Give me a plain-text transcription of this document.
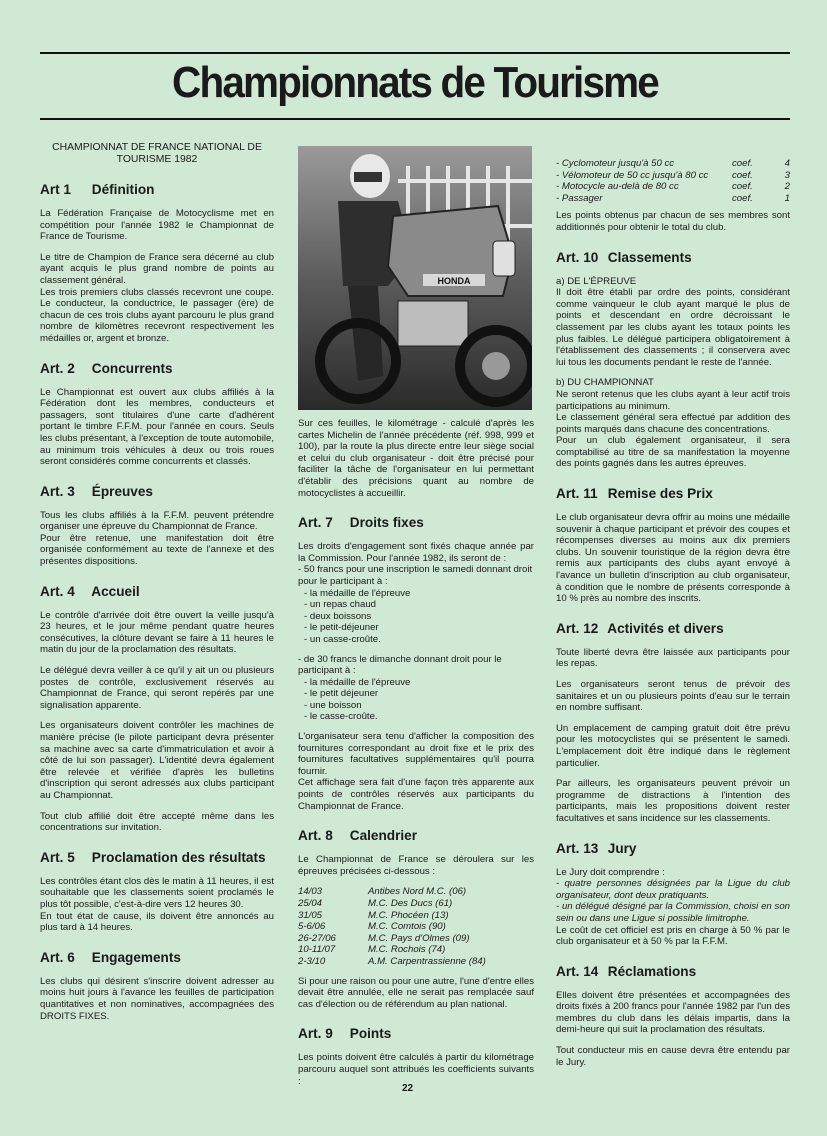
Championnats de Tourisme
CHAMPIONNAT DE FRANCE NATIONAL DE TOURISME 1982
Art 1 Définition

La Fédération Française de Motocyclisme met en compétition pour l'année 1982 le Championnat de France de Tourisme.

Le titre de Champion de France sera décerné au club ayant acquis le plus grand nombre de points au classement général.

Les trois premiers clubs classés recevront une coupe. Le conducteur, la conductrice, le passager (ère) de chacun de ces trois clubs ayant parcouru le plus grand nombre de kilomètres recevront respectivement les médailles or, argent et bronze.

Art. 2 Concurrents

Le Championnat est ouvert aux clubs affiliés à la Fédération dont les membres, conducteurs et passagers, sont titulaires d'une carte d'adhérent portant le timbre F.F.M. pour l'année en cours. Seuls les clubs présentant, à l'exception de toute automobile, au minimum trois véhicules à deux ou trois roues seront considérés comme concurrents et classés.

Art. 3 Épreuves

Tous les clubs affiliés à la F.F.M. peuvent prétendre organiser une épreuve du Championnat de France.

Pour être retenue, une manifestation doit être organisée conformément au texte de l'annexe et des présentes dispositions.

Art. 4 Accueil

Le contrôle d'arrivée doit être ouvert la veille jusqu'à 23 heures, et le jour même pendant quatre heures consécutives, la clôture devant se faire à 11 heures le matin du jour de la proclamation des résultats.

Le délégué devra veiller à ce qu'il y ait un ou plusieurs postes de contrôle, exclusivement réservés au Championnat de France, qui seront repérés par une signalisation apparente.

Les organisateurs doivent contrôler les machines de manière précise (le pilote participant devra présenter sa machine avec sa carte d'immatriculation et avoir à côté de lui son passager). L'identité devra également être relevée et vérifiée d'après les bulletins d'inscription qui seront adressés aux clubs participant au Championnat.

Tout club affilié doit être accepté même dans les concentrations sur invitation.

Art. 5 Proclamation des résultats

Les contrôles étant clos dès le matin à 11 heures, il est souhaitable que les classements soient proclamés le plus tôt possible, c'est-à-dire vers 12 heures 30.

En tout état de cause, ils doivent être annoncés au plus tard à 14 heures.

Art. 6 Engagements

Les clubs qui désirent s'inscrire doivent adresser au moins huit jours à l'avance les feuilles de participation quantitatives et non nominatives, accompagnées des DROITS FIXES.

HONDA

Sur ces feuilles, le kilométrage - calculé d'après les cartes Michelin de l'année précédente (réf. 998, 999 et 100), par la route la plus directe entre leur siège social et celui du club organisateur - doit être précisé pour faciliter la tâche de l'organisateur en lui permettant d'établir des précisions quant au nombre de motocyclistes à accueillir.

Art. 7 Droits fixes

Les droits d'engagement sont fixés chaque année par la Commission. Pour l'année 1982, ils seront de :

- 50 francs pour une inscription le samedi donnant droit pour le participant à :
- la médaille de l'épreuve
- un repas chaud
- deux boissons
- le petit-déjeuner
- un casse-croûte.
- de 30 francs le dimanche donnant droit pour le participant à :
- la médaille de l'épreuve
- le petit déjeuner
- une boisson
- le casse-croûte.

L'organisateur sera tenu d'afficher la composition des fournitures correspondant au droit fixe et le prix des fournitures facultatives supplémentaires qu'il pourra fournir.

Cet affichage sera fait d'une façon très apparente aux points de contrôles réservés aux participants du Championnat de France.

Art. 8 Calendrier

Le Championnat de France se déroulera sur les épreuves précisées ci-dessous :

14/03	Antibes Nord M.C. (06)
25/04	M.C. Des Ducs (61)
31/05	M.C. Phocéen (13)
5-6/06	M.C. Comtois (90)
26-27/06	M.C. Pays d'Olmes (09)
10-11/07	M.C. Rochois (74)
2-3/10	A.M. Carpentrassienne (84)

Si pour une raison ou pour une autre, l'une d'entre elles devait être annulée, elle ne serait pas remplacée sauf cas d'élection ou de référendum au plan national.

Art. 9 Points

Les points doivent être calculés à partir du kilométrage parcouru auquel sont attribués les coefficients suivants :

- Cyclomoteur jusqu'à 50 cc	coef.	4
- Vélomoteur de 50 cc jusqu'à 80 cc	coef.	3
- Motocycle au-delà de 80 cc	coef.	2
- Passager	coef.	1

Les points obtenus par chacun de ses membres sont additionnés pour obtenir le total du club.

Art. 10 Classements

a) DE L'ÉPREUVE

Il doit être établi par ordre des points, considérant comme vainqueur le club ayant marqué le plus de points et descendant en ordre décroissant le classement par les clubs ayant les totaux points les plus faibles. Le délégué participera obligatoirement à l'établissement des classements ; il conservera avec lui tous les documents pendant le reste de l'année.

b) DU CHAMPIONNAT

Ne seront retenus que les clubs ayant à leur actif trois participations au minimum.

Le classement général sera effectué par addition des points marqués dans chacune des concentrations.

Pour un club également organisateur, il sera comptabilisé au titre de sa manifestation la moyenne des points gagnés dans les autres épreuves.

Art. 11 Remise des Prix

Le club organisateur devra offrir au moins une médaille souvenir à chaque participant et prévoir des coupes et récompenses diverses au moins aux dix premiers clubs. Un souvenir touristique de la région devra être remis aux participants des clubs ayant envoyé à l'avance un bulletin d'inscription au club organisateur, à condition que le nombre de présents corresponde à 10 % près au nombre des inscrits.

Art. 12 Activités et divers

Toute liberté devra être laissée aux participants pour les repas.

Les organisateurs seront tenus de prévoir des sanitaires et un ou plusieurs points d'eau sur le terrain en nombre suffisant.

Un emplacement de camping gratuit doit être prévu pour les motocyclistes qui se présentent le samedi. L'emplacement doit être indiqué dans le règlement particulier.

Par ailleurs, les organisateurs peuvent prévoir un programme de distractions à l'intention des participants, mais les propositions doivent rester facultatives et sans incidence sur les classements.

Art. 13 Jury

Le Jury doit comprendre :

- quatre personnes désignées par la Ligue du club organisateur, dont deux pratiquants.

- un délégué désigné par la Commission, choisi en son sein ou dans une Ligue si possible limitrophe.

Le coût de cet officiel est pris en charge à 50 % par le club organisateur et à 50 % par la F.F.M.

Art. 14 Réclamations

Elles doivent être présentées et accompagnées des droits fixés à 200 francs pour l'année 1982 par l'un des membres du club dans les délais impartis, dans la demi-heure qui suit la proclamation des résultats.

Tout conducteur mis en cause devra être entendu par le Jury.

22
